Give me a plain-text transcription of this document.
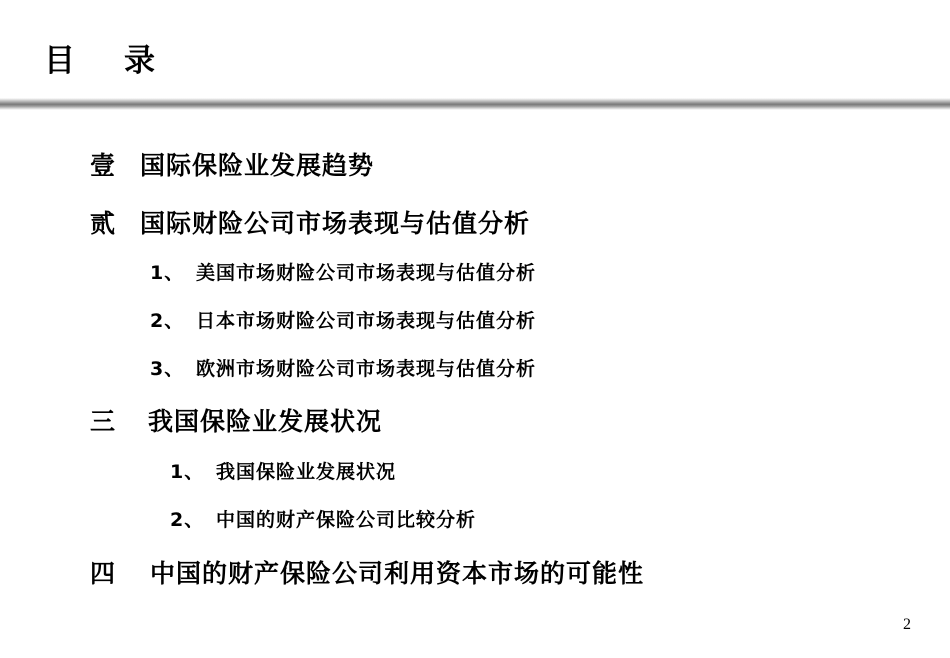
目 录
壹 国际保险业发展趋势
贰 国际财险公司市场表现与估值分析
1、 美国市场财险公司市场表现与估值分析
2、 日本市场财险公司市场表现与估值分析
3、 欧洲市场财险公司市场表现与估值分析
三 我国保险业发展状况
1、 我国保险业发展状况
2、 中国的财产保险公司比较分析
四 中国的财产保险公司利用资本市场的可能性
2
